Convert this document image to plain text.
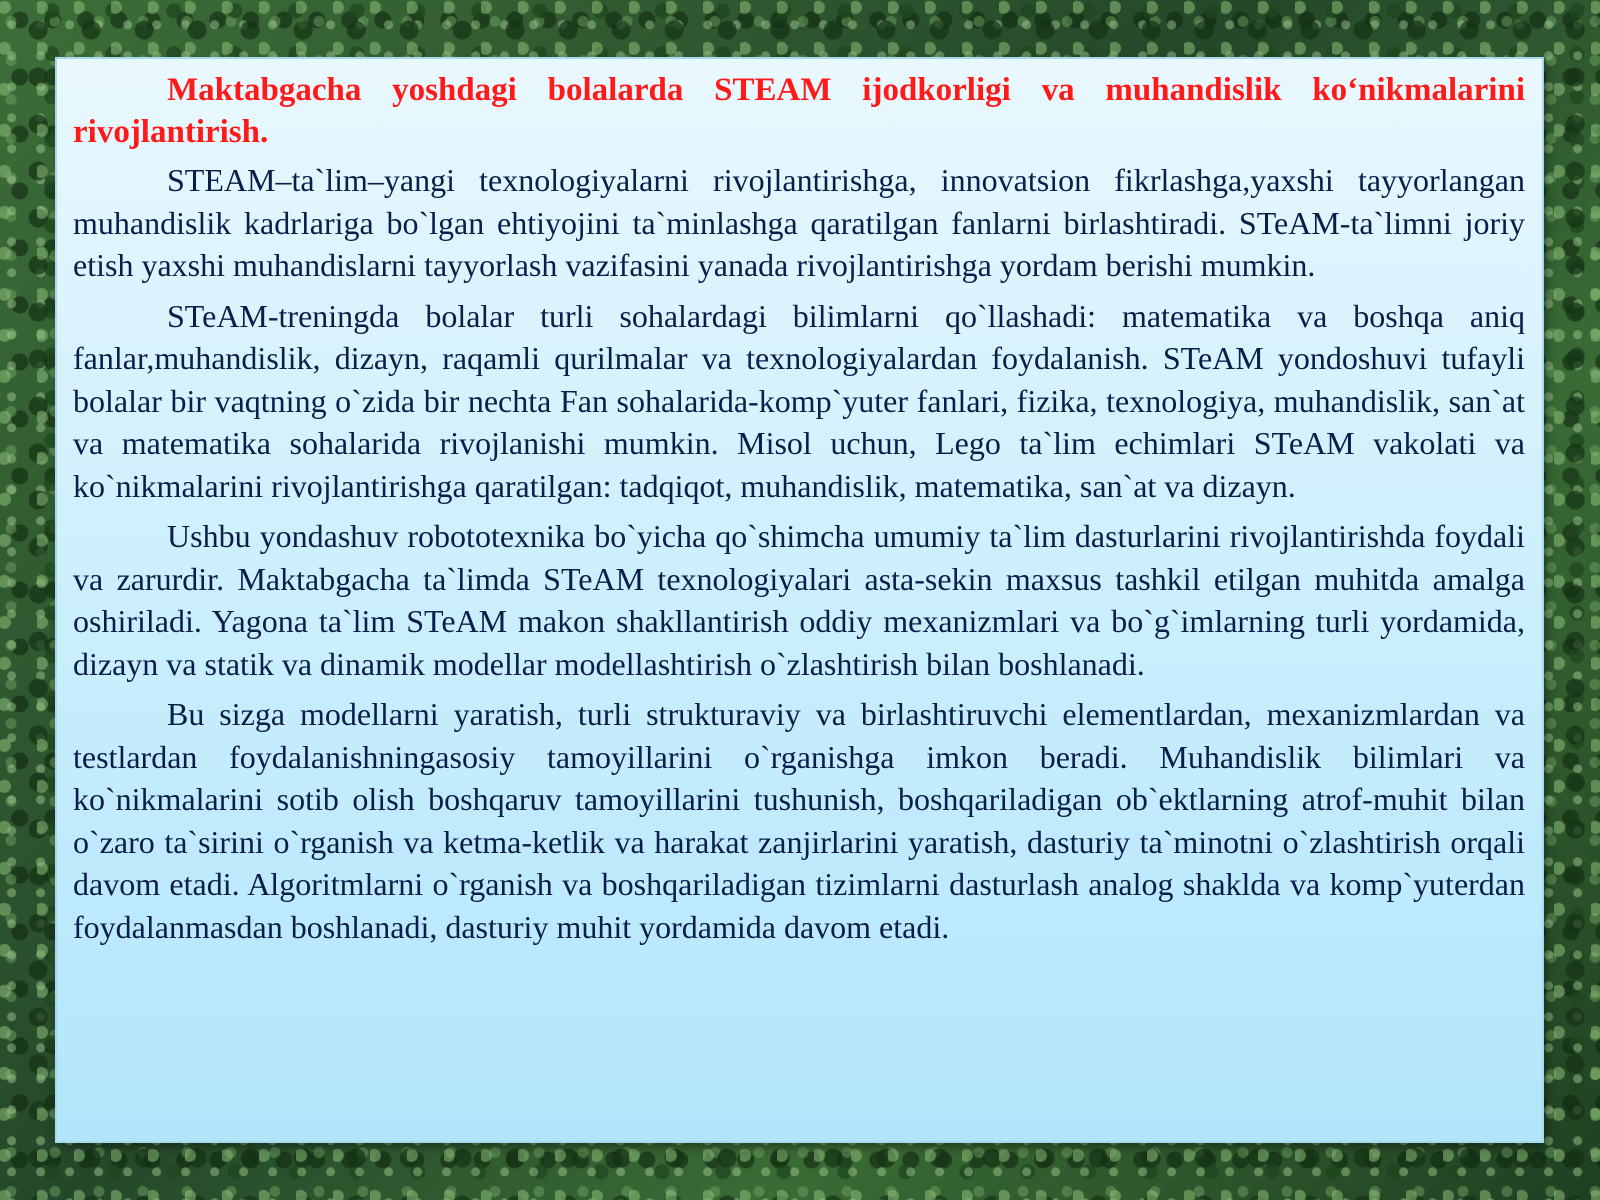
Maktabgacha yoshdagi bolalarda STEAM ijodkorligi va muhandislik ko‘nikmalarini rivojlantirish.

STEAM–ta`lim–yangi texnologiyalarni rivojlantirishga, innovatsion fikrlashga,yaxshi tayyorlangan muhandislik kadrlariga bo`lgan ehtiyojini ta`minlashga qaratilgan fanlarni birlashtiradi. STeAM-ta`limni joriy etish yaxshi muhandislarni tayyorlash vazifasini yanada rivojlantirishga yordam berishi mumkin.

STeAM-treningda bolalar turli sohalardagi bilimlarni qo`llashadi: matematika va boshqa aniq fanlar,muhandislik, dizayn, raqamli qurilmalar va texnologiyalardan foydalanish. STeAM yondoshuvi tufayli bolalar bir vaqtning o`zida bir nechta Fan sohalarida-komp`yuter fanlari, fizika, texnologiya, muhandislik, san`at va matematika sohalarida rivojlanishi mumkin. Misol uchun, Lego ta`lim echimlari STeAM vakolati va ko`nikmalarini rivojlantirishga qaratilgan: tadqiqot, muhandislik, matematika, san`at va dizayn.

Ushbu yondashuv robototexnika bo`yicha qo`shimcha umumiy ta`lim dasturlarini rivojlantirishda foydali va zarurdir. Maktabgacha ta`limda STeAM texnologiyalari asta-sekin maxsus tashkil etilgan muhitda amalga oshiriladi. Yagona ta`lim STeAM makon shakllantirish oddiy mexanizmlari va bo`g`imlarning turli yordamida, dizayn va statik va dinamik modellar modellashtirish o`zlashtirish bilan boshlanadi.

Bu sizga modellarni yaratish, turli strukturaviy va birlashtiruvchi elementlardan, mexanizmlardan va testlardan foydalanishningasosiy tamoyillarini o`rganishga imkon beradi. Muhandislik bilimlari va ko`nikmalarini sotib olish boshqaruv tamoyillarini tushunish, boshqariladigan ob`ektlarning atrof-muhit bilan o`zaro ta`sirini o`rganish va ketma-ketlik va harakat zanjirlarini yaratish, dasturiy ta`minotni o`zlashtirish orqali davom etadi. Algoritmlarni o`rganish va boshqariladigan tizimlarni dasturlash analog shaklda va komp`yuterdan foydalanmasdan boshlanadi, dasturiy muhit yordamida davom etadi.
